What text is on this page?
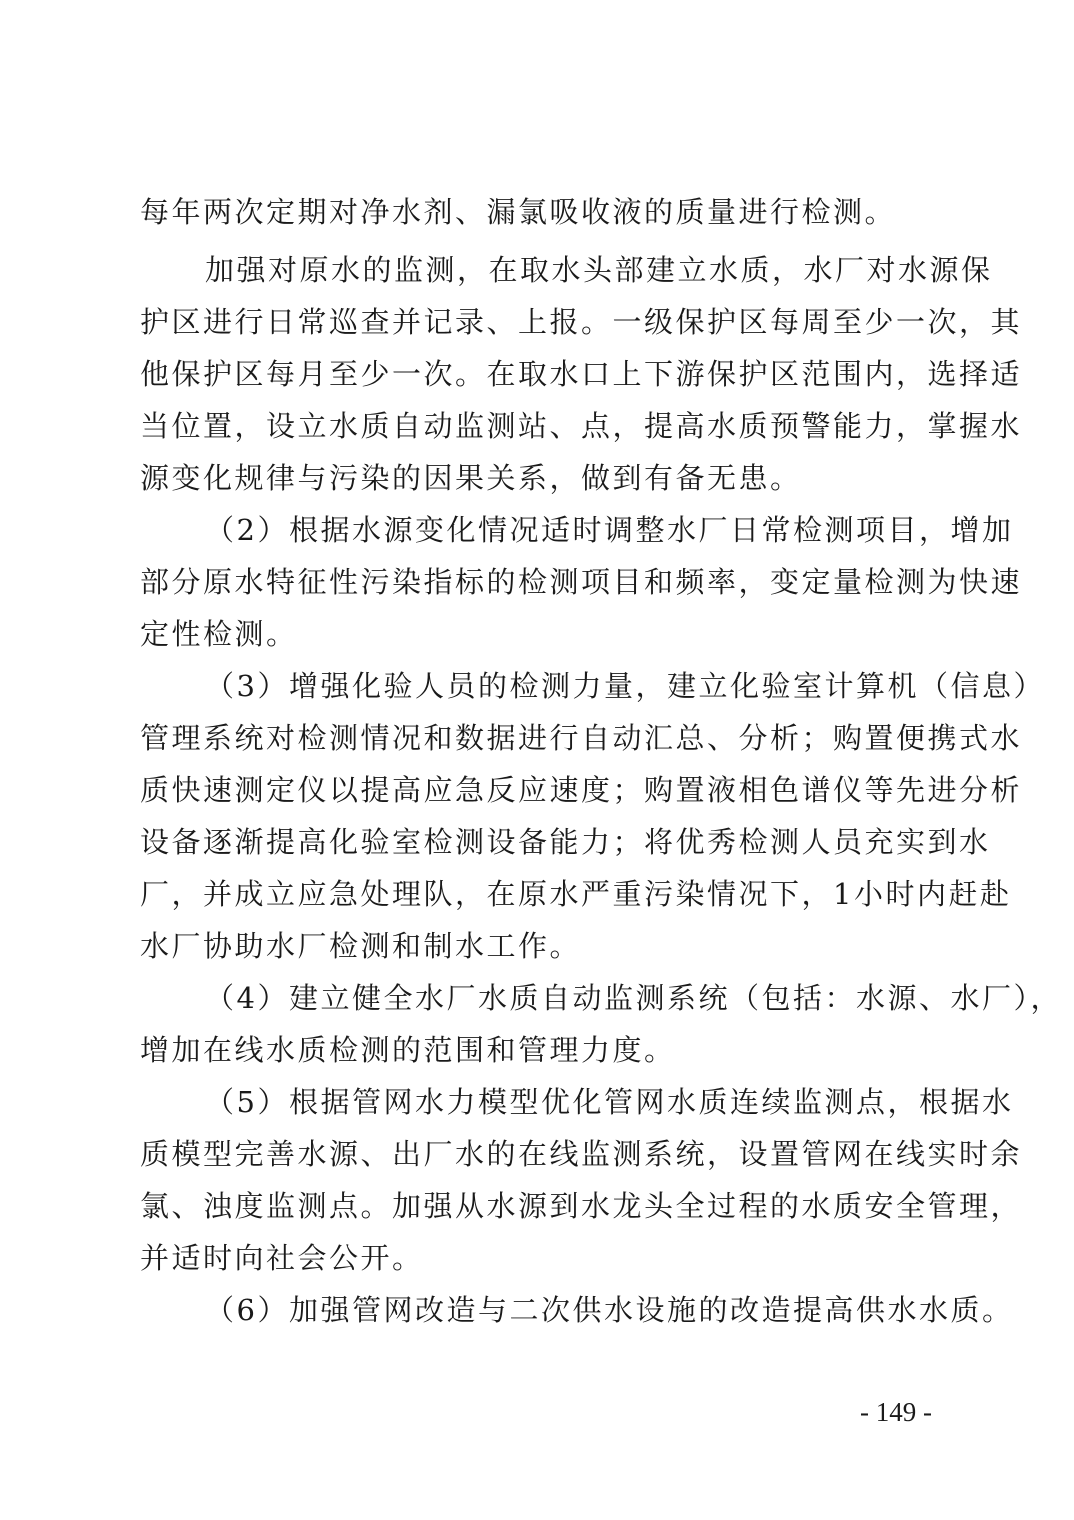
每年两次定期对净水剂、漏氯吸收液的质量进行检测。
加强对原水的监测，在取水头部建立水质，水厂对水源保
护区进行日常巡查并记录、上报。一级保护区每周至少一次，其
他保护区每月至少一次。在取水口上下游保护区范围内，选择适
当位置，设立水质自动监测站、点，提高水质预警能力，掌握水
源变化规律与污染的因果关系，做到有备无患。
（2）根据水源变化情况适时调整水厂日常检测项目，增加
部分原水特征性污染指标的检测项目和频率，变定量检测为快速
定性检测。
（3）增强化验人员的检测力量，建立化验室计算机（信息）
管理系统对检测情况和数据进行自动汇总、分析；购置便携式水
质快速测定仪以提高应急反应速度；购置液相色谱仪等先进分析
设备逐渐提高化验室检测设备能力；将优秀检测人员充实到水
厂，并成立应急处理队，在原水严重污染情况下，1小时内赶赴
水厂协助水厂检测和制水工作。
（4）建立健全水厂水质自动监测系统（包括：水源、水厂），
增加在线水质检测的范围和管理力度。
（5）根据管网水力模型优化管网水质连续监测点，根据水
质模型完善水源、出厂水的在线监测系统，设置管网在线实时余
氯、浊度监测点。加强从水源到水龙头全过程的水质安全管理，
并适时向社会公开。
（6）加强管网改造与二次供水设施的改造提高供水水质。
- 149 -
